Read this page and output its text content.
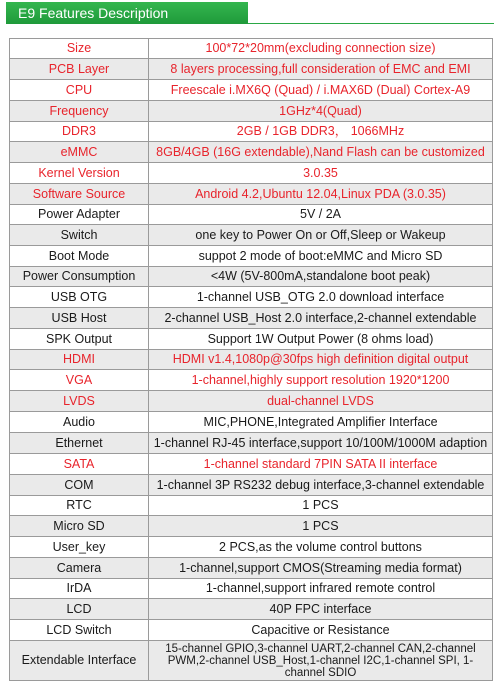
E9 Features Description
Size	100*72*20mm(excluding connection size)
PCB Layer	8 layers processing,full consideration of EMC and EMI
CPU	Freescale i.MX6Q (Quad) / i.MAX6D (Dual) Cortex-A9
Frequency	1GHz*4(Quad)
DDR3	2GB / 1GB DDR3， 1066MHz
eMMC	8GB/4GB (16G extendable),Nand Flash can be customized
Kernel Version	3.0.35
Software Source	Android 4.2,Ubuntu 12.04,Linux PDA (3.0.35)
Power Adapter	5V / 2A
Switch	one key to Power On or Off,Sleep or Wakeup
Boot Mode	suppot 2 mode of boot:eMMC and Micro SD
Power Consumption	<4W (5V-800mA,standalone boot peak)
USB OTG	1-channel USB_OTG 2.0 download interface
USB Host	2-channel USB_Host 2.0 interface,2-channel extendable
SPK Output	Support 1W Output Power (8 ohms load)
HDMI	HDMI v1.4,1080p@30fps high definition digital output
VGA	1-channel,highly support resolution 1920*1200
LVDS	dual-channel LVDS
Audio	MIC,PHONE,Integrated Amplifier Interface
Ethernet	1-channel RJ-45 interface,support 10/100M/1000M adaption
SATA	1-channel standard 7PIN SATA II interface
COM	1-channel 3P RS232 debug interface,3-channel extendable
RTC	1 PCS
Micro SD	1 PCS
User_key	2 PCS,as the volume control buttons
Camera	1-channel,support CMOS(Streaming media format)
IrDA	1-channel,support infrared remote control
LCD	40P FPC interface
LCD Switch	Capacitive or Resistance
Extendable Interface	15-channel GPIO,3-channel UART,2-channel CAN,2-channel PWM,2-channel USB_Host,1-channel I2C,1-channel SPI, 1-channel SDIO
